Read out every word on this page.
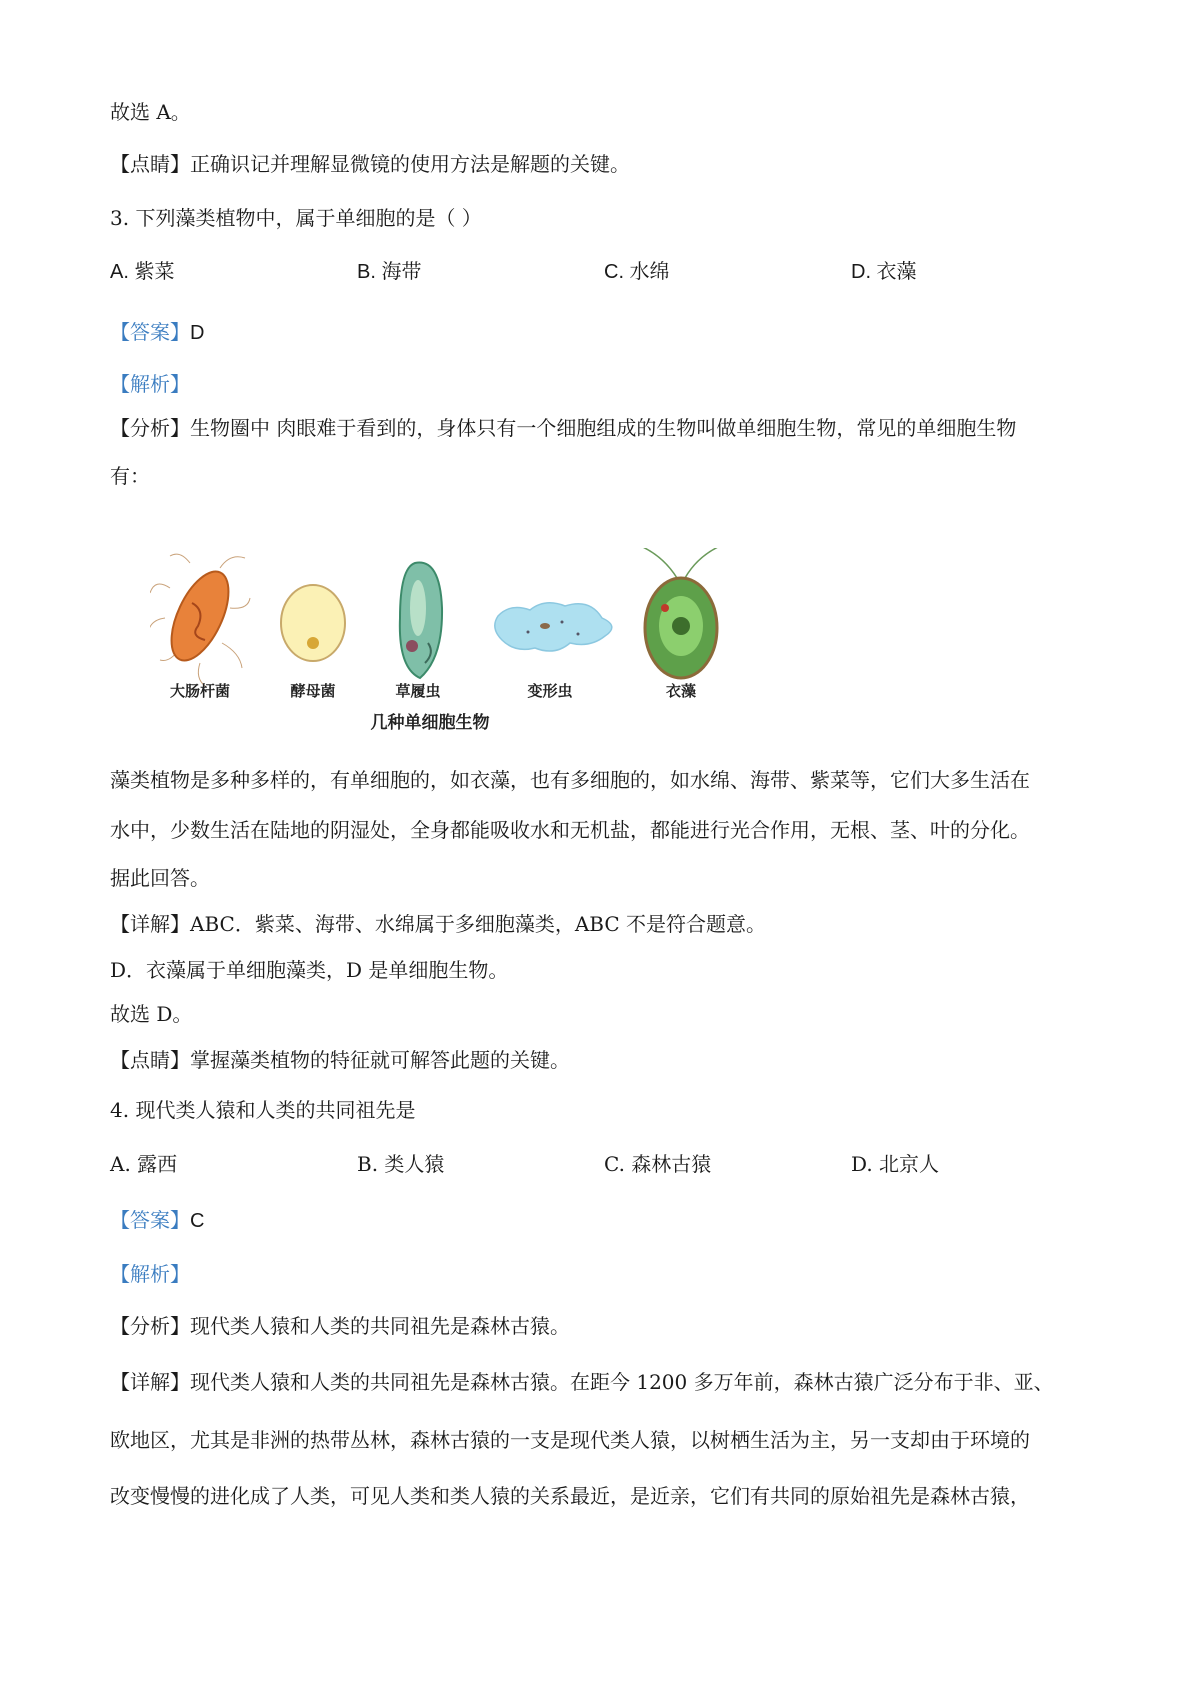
故选 A。
【点睛】正确识记并理解显微镜的使用方法是解题的关键。
3. 下列藻类植物中，属于单细胞的是（ ）
A. 紫菜	B. 海带	C. 水绵	D. 衣藻
【答案】D
【解析】
【分析】生物圈中 肉眼难于看到的，身体只有一个细胞组成的生物叫做单细胞生物，常见的单细胞生物
有：
大肠杆菌	酵母菌	草履虫	变形虫	衣藻
几种单细胞生物
藻类植物是多种多样的，有单细胞的，如衣藻，也有多细胞的，如水绵、海带、紫菜等，它们大多生活在
水中，少数生活在陆地的阴湿处，全身都能吸收水和无机盐，都能进行光合作用，无根、茎、叶的分化。
据此回答。
【详解】ABC．紫菜、海带、水绵属于多细胞藻类，ABC 不是符合题意。
D．衣藻属于单细胞藻类，D 是单细胞生物。
故选 D。
【点睛】掌握藻类植物的特征就可解答此题的关键。
4. 现代类人猿和人类的共同祖先是
A. 露西	B. 类人猿	C. 森林古猿	D. 北京人
【答案】C
【解析】
【分析】现代类人猿和人类的共同祖先是森林古猿。
【详解】现代类人猿和人类的共同祖先是森林古猿。在距今 1200 多万年前，森林古猿广泛分布于非、亚、
欧地区，尤其是非洲的热带丛林，森林古猿的一支是现代类人猿，以树栖生活为主，另一支却由于环境的
改变慢慢的进化成了人类，可见人类和类人猿的关系最近，是近亲，它们有共同的原始祖先是森林古猿，
